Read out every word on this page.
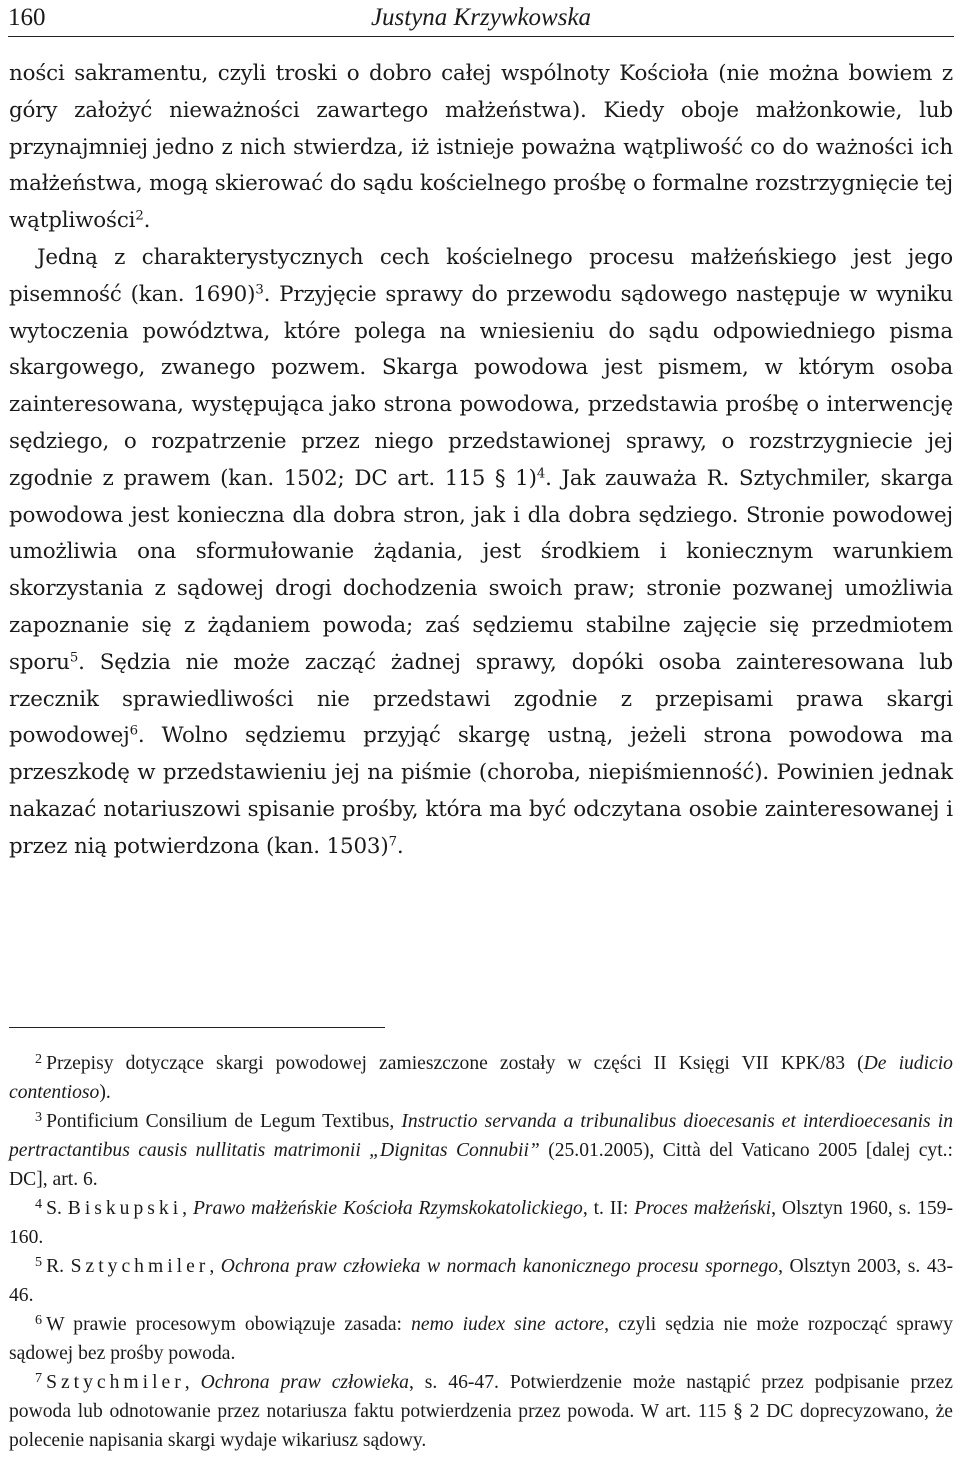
160	Justyna Krzywkowska

ności sakramentu, czyli troski o dobro całej wspólnoty Kościoła (nie można bowiem z góry założyć nieważności zawartego małżeństwa). Kiedy oboje małżonkowie, lub przynajmniej jedno z nich stwierdza, iż istnieje poważna wątpliwość co do ważności ich małżeństwa, mogą skierować do sądu kościelnego prośbę o formalne rozstrzygnięcie tej wątpliwości$^2$.

Jedną z charakterystycznych cech kościelnego procesu małżeńskiego jest jego pisemność (kan. 1690)$^3$. Przyjęcie sprawy do przewodu sądowego następuje w wyniku wytoczenia powództwa, które polega na wniesieniu do sądu odpowiedniego pisma skargowego, zwanego pozwem. Skarga powodowa jest pismem, w którym osoba zainteresowana, występująca jako strona powodowa, przedstawia prośbę o interwencję sędziego, o rozpatrzenie przez niego przedstawionej sprawy, o rozstrzygniecie jej zgodnie z prawem (kan. 1502; DC art. 115 § 1)$^4$. Jak zauważa R. Sztychmiler, skarga powodowa jest konieczna dla dobra stron, jak i dla dobra sędziego. Stronie powodowej umożliwia ona sformułowanie żądania, jest środkiem i koniecznym warunkiem skorzystania z sądowej drogi dochodzenia swoich praw; stronie pozwanej umożliwia zapoznanie się z żądaniem powoda; zaś sędziemu stabilne zajęcie się przedmiotem sporu$^5$. Sędzia nie może zacząć żadnej sprawy, dopóki osoba zainteresowana lub rzecznik sprawiedliwości nie przedstawi zgodnie z przepisami prawa skargi powodowej$^6$. Wolno sędziemu przyjąć skargę ustną, jeżeli strona powodowa ma przeszkodę w przedstawieniu jej na piśmie (choroba, niepiśmienność). Powinien jednak nakazać notariuszowi spisanie prośby, która ma być odczytana osobie zainteresowanej i przez nią potwierdzona (kan. 1503)$^7$.

$^2$ Przepisy dotyczące skargi powodowej zamieszczone zostały w części II Księgi VII KPK/83 (De iudicio contentioso).

$^3$ Pontificium Consilium de Legum Textibus, Instructio servanda a tribunalibus dioecesanis et interdioecesanis in pertractantibus causis nullitatis matrimonii „Dignitas Connubii” (25.01.2005), Città del Vaticano 2005 [dalej cyt.: DC], art. 6.

$^4$ S. Biskupski, Prawo małżeńskie Kościoła Rzymskokatolickiego, t. II: Proces małżeński, Olsztyn 1960, s. 159-160.

$^5$ R. Sztychmiler, Ochrona praw człowieka w normach kanonicznego procesu spornego, Olsztyn 2003, s. 43-46.

$^6$ W prawie procesowym obowiązuje zasada: nemo iudex sine actore, czyli sędzia nie może rozpocząć sprawy sądowej bez prośby powoda.

$^7$ Sztychmiler, Ochrona praw człowieka, s. 46-47. Potwierdzenie może nastąpić przez podpisanie przez powoda lub odnotowanie przez notariusza faktu potwierdzenia przez powoda. W art. 115 § 2 DC doprecyzowano, że polecenie napisania skargi wydaje wikariusz sądowy.
